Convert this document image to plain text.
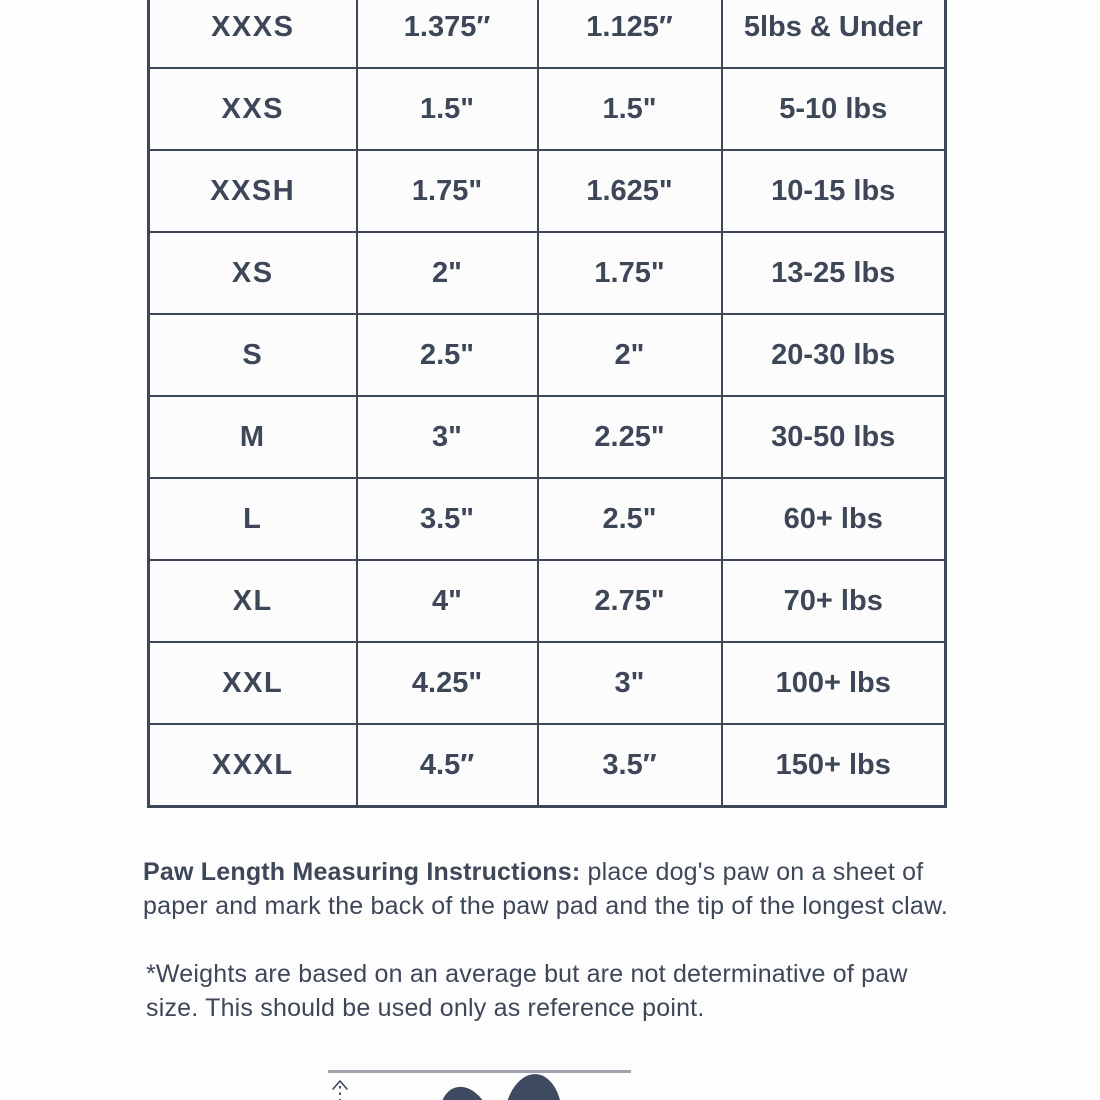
XXXS	1.375″	1.125″	5lbs & Under
XXS	1.5"	1.5"	5-10 lbs
XXSH	1.75"	1.625"	10-15 lbs
XS	2"	1.75"	13-25 lbs
S	2.5"	2"	20-30 lbs
M	3"	2.25"	30-50 lbs
L	3.5"	2.5"	60+ lbs
XL	4"	2.75"	70+ lbs
XXL	4.25"	3"	100+ lbs
XXXL	4.5″	3.5″	150+ lbs
Paw Length Measuring Instructions: place dog's paw on a sheet of
paper and mark the back of the paw pad and the tip of the longest claw.
*Weights are based on an average but are not determinative of paw
size. This should be used only as reference point.
